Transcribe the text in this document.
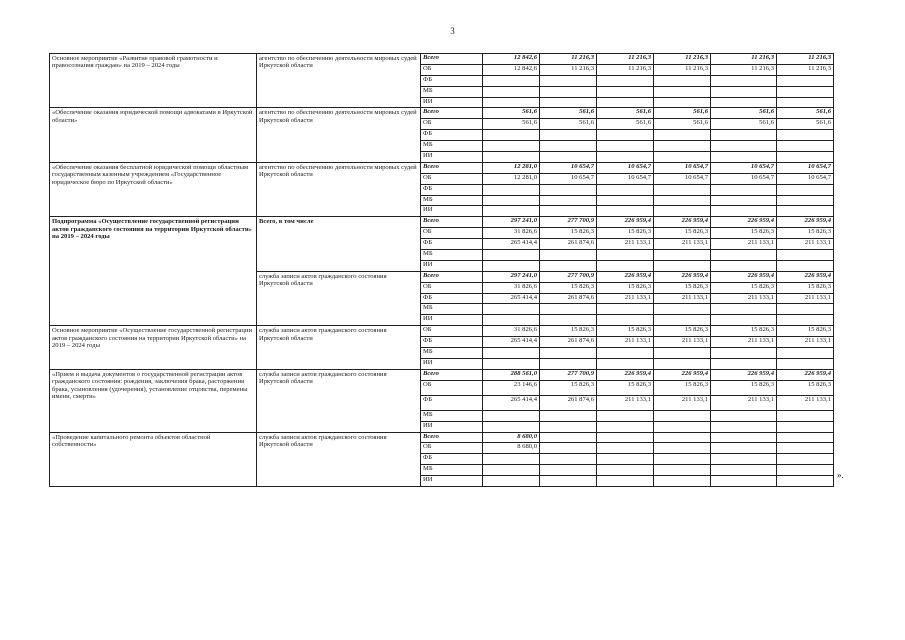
3
Основное мероприятие «Развитие правовой грамотности и правосознания граждан» на 2019 – 2024 годы	агентство по обеспечению деятельности мировых судей Иркутской области	Всего	12 842,6	11 216,3	11 216,3	11 216,3	11 216,3	11 216,3
		ОБ	12 842,6	11 216,3	11 216,3	11 216,3	11 216,3	11 216,3
		ФБ						
		МБ						
		ИИ						
«Обеспечение оказания юридической помощи адвокатами в Иркутской области»	агентство по обеспечению деятельности мировых судей Иркутской области	Всего	561,6	561,6	561,6	561,6	561,6	561,6
		ОБ	561,6	561,6	561,6	561,6	561,6	561,6
		ФБ						
		МБ						
		ИИ						
«Обеспечение оказания бесплатной юридической помощи областным государственным казенным учреждением «Государственное юридическое бюро по Иркутской области»	агентство по обеспечению деятельности мировых судей Иркутской области	Всего	12 281,0	10 654,7	10 654,7	10 654,7	10 654,7	10 654,7
		ОБ	12 281,0	10 654,7	10 654,7	10 654,7	10 654,7	10 654,7
		ФБ						
		МБ						
		ИИ						
Подпрограмма «Осуществление государственной регистрации актов гражданского состояния на территории Иркутской области» на 2019 – 2024 годы	Всего, в том числе	Всего	297 241,0	277 700,9	226 959,4	226 959,4	226 959,4	226 959,4
		ОБ	31 826,6	15 826,3	15 826,3	15 826,3	15 826,3	15 826,3
		ФБ	265 414,4	261 874,6	211 133,1	211 133,1	211 133,1	211 133,1
		МБ						
		ИИ						
	служба записи актов гражданского состояния Иркутской области	Всего	297 241,0	277 700,9	226 959,4	226 959,4	226 959,4	226 959,4
		ОБ	31 826,6	15 826,3	15 826,3	15 826,3	15 826,3	15 826,3
		ФБ	265 414,4	261 874,6	211 133,1	211 133,1	211 133,1	211 133,1
		МБ						
		ИИ						
Основное мероприятие «Осуществление государственной регистрации актов гражданского состояния на территории Иркутской области» на 2019 – 2024 годы	служба записи актов гражданского состояния Иркутской области	ОБ	31 826,6	15 826,3	15 826,3	15 826,3	15 826,3	15 826,3
		ФБ	265 414,4	261 874,6	211 133,1	211 133,1	211 133,1	211 133,1
		МБ						
		ИИ						
«Прием и выдача документов о государственной регистрации актов гражданского состояния: рождения, заключения брака, расторжения брака, усыновления (удочерения), установление отцовства, перемены имени, смерти»	служба записи актов гражданского состояния Иркутской области	Всего	288 561,0	277 700,9	226 959,4	226 959,4	226 959,4	226 959,4
		ОБ	23 146,6	15 826,3	15 826,3	15 826,3	15 826,3	15 826,3
		ФБ	265 414,4	261 874,6	211 133,1	211 133,1	211 133,1	211 133,1
		МБ						
		ИИ						
«Проведение капитального ремонта объектов областной собственности»	служба записи актов гражданского состояния Иркутской области	Всего	8 680,0					
		ОБ	8 680,0					
		ФБ						
		МБ						
		ИИ							».
